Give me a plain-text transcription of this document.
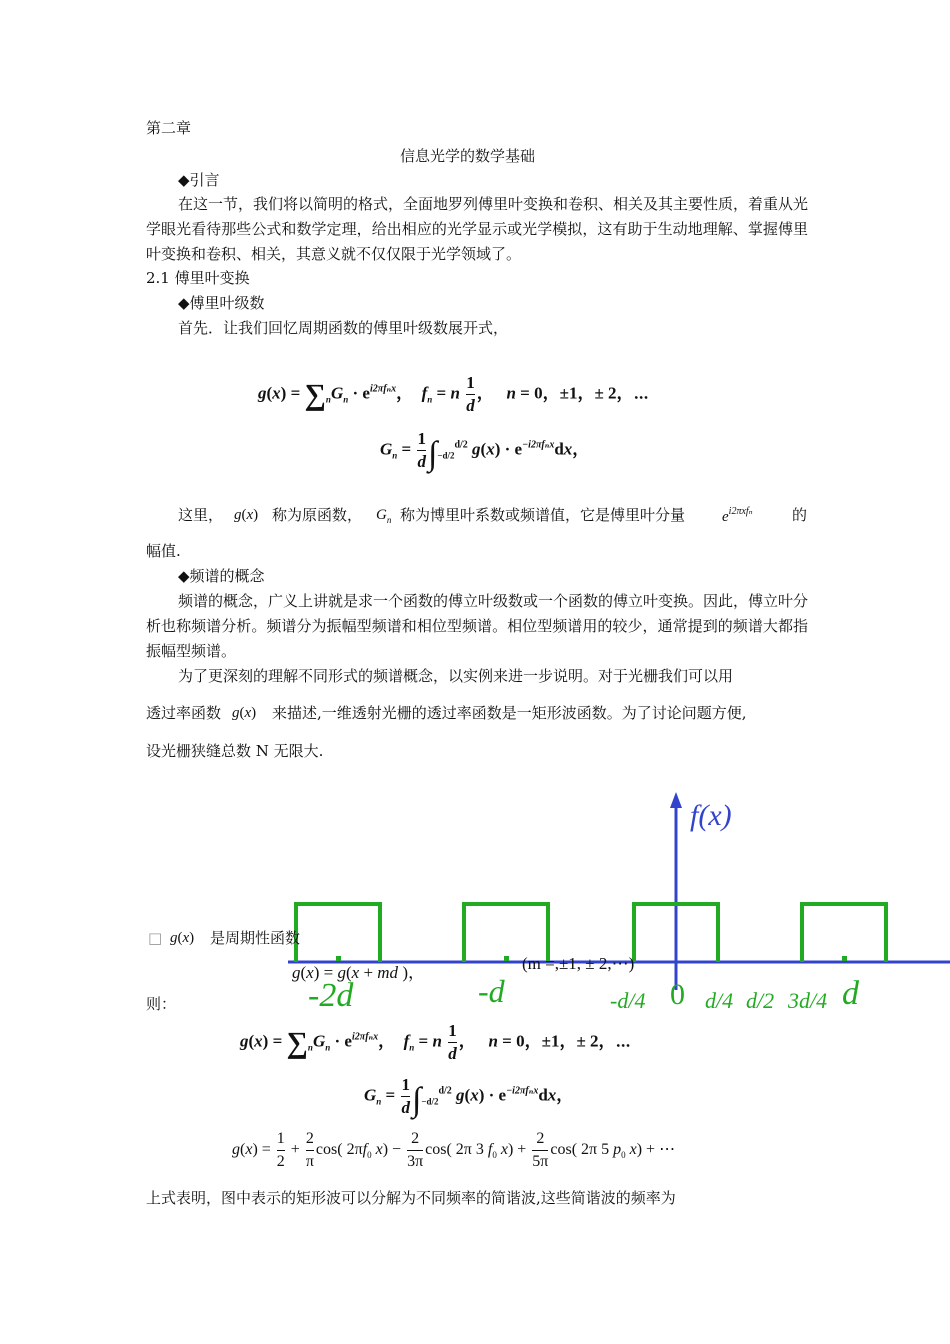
第二章
信息光学的数学基础
◆引言
在这一节，我们将以简明的格式，全面地罗列傅里叶变换和卷积、相关及其主要性质，着重从光学眼光看待那些公式和数学定理，给出相应的光学显示或光学模拟，这有助于生动地理解、掌握傅里叶变换和卷积、相关，其意义就不仅仅限于光学领域了。
2.1 傅里叶变换
◆傅里叶级数
首先．让我们回忆周期函数的傅里叶级数展开式，
$g(x) = \sum_nG_n \cdot e^{i2\pi f_nx}$，  $f_n = n \frac{1}{d}$ ，   n = 0，±1，± 2，⋯
$G_n = \frac{1}{d} \int_{-d/2}^{d/2}$ $g(x) \cdot e^{-i2\pi f_nx}dx$，
这里， g(x) 称为原函数， $G_n$ 称为博里叶系数或频谱值，它是傅里叶分量 $e^{i2\pi xf_n}$	的
幅值.
◆频谱的概念
频谱的概念，广义上讲就是求一个函数的傅立叶级数或一个函数的傅立叶变换。因此，傅立叶分析也称频谱分析。频谱分为振幅型频谱和相位型频谱。相位型频谱用的较少，通常提到的频谱大都指振幅型频谱。
为了更深刻的理解不同形式的频谱概念，以实例来进一步说明。对于光栅我们可以用
透过率函数 g(x) 来描述,一维透射光栅的透过率函数是一矩形波函数。为了讨论问题方便,
设光栅狭缝总数 N 无限大.
f(x)
-2d	-d	-d/4 0 d/4 d/2 3d/4 d
□ g(x) 是周期性函数
g(x) = g(x + md )，	(m =,±1, ± 2,⋯)
则：
$g(x) = \sum_nG_n \cdot e^{i2\pi f_nx}$，  $f_n = n \frac{1}{d}$ ，   n = 0，±1，± 2，⋯
$G_n = \frac{1}{d} \int_{-d/2}^{d/2}$ $g(x) \cdot e^{-i2\pi f_nx}dx$，
$g(x) = \frac{1}{2} + \frac{2}{\pi} \cos$( $2\pi f_0$ $x) - \frac{2}{3\pi} \cos$( 2π 3 $f_0$ $x) + \frac{2}{5\pi} \cos$( 2π 5 $p_0$ x) + ⋯
上式表明，图中表示的矩形波可以分解为不同频率的简谐波,这些简谐波的频率为
